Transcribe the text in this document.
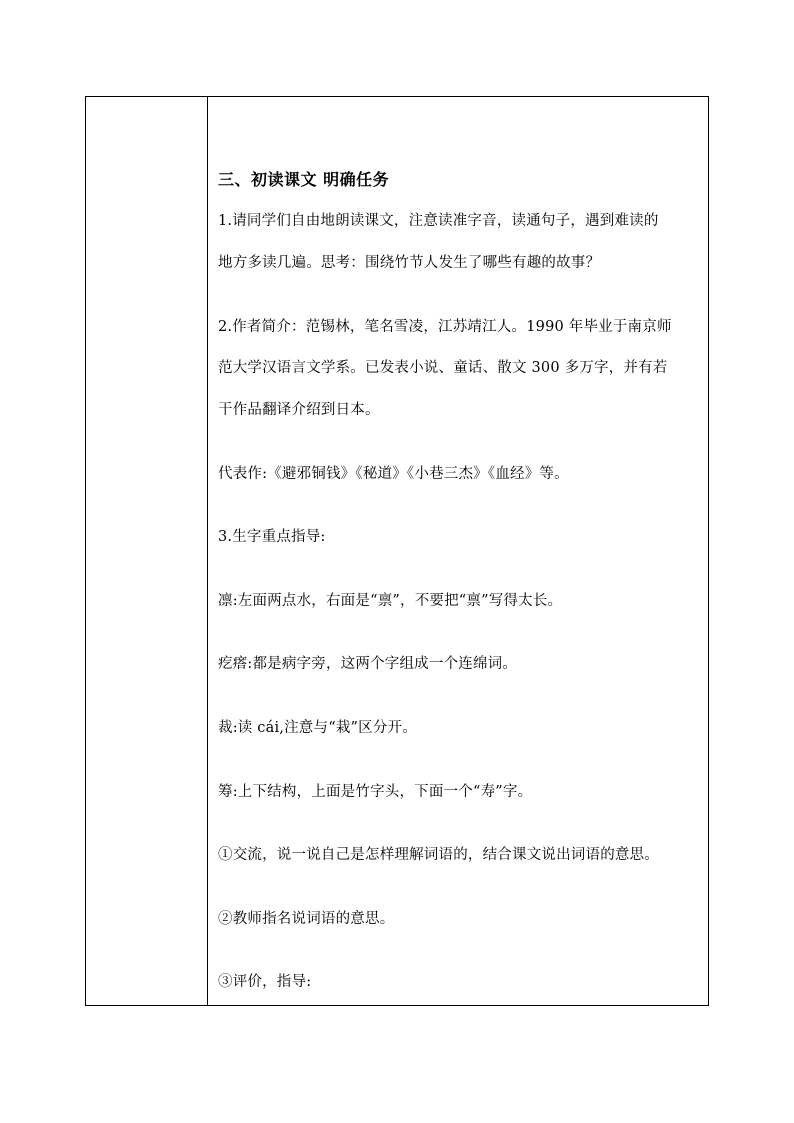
三、初读课文 明确任务
1.请同学们自由地朗读课文，注意读准字音，读通句子，遇到难读的
地方多读几遍。思考：围绕竹节人发生了哪些有趣的故事？
2.作者简介：范锡林，笔名雪凌，江苏靖江人。1990 年毕业于南京师
范大学汉语言文学系。已发表小说、童话、散文 300 多万字，并有若
干作品翻译介绍到日本。
代表作:《避邪铜钱》《秘道》《小巷三杰》《血经》等。
3.生字重点指导:
凛:左面两点水，右面是“禀”，不要把“禀”写得太长。
疙瘩:都是病字旁，这两个字组成一个连绵词。
裁:读 cái,注意与“栽”区分开。
筹:上下结构，上面是竹字头，下面一个“寿”字。
①交流，说一说自己是怎样理解词语的，结合课文说出词语的意思。
②教师指名说词语的意思。
③评价，指导:
